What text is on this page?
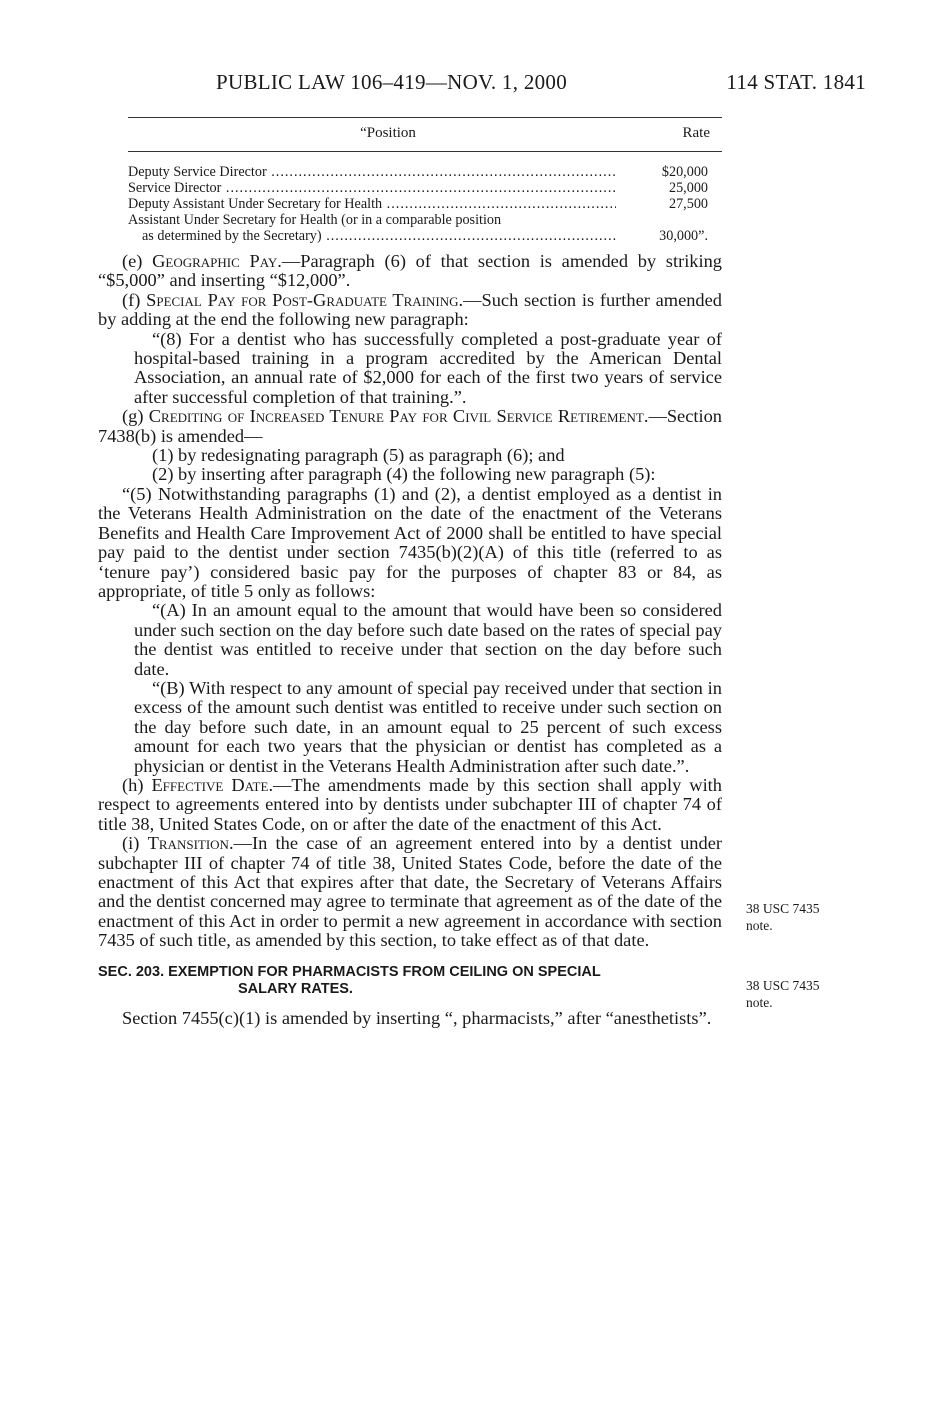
PUBLIC LAW 106–419—NOV. 1, 2000	114 STAT. 1841
“Position	Rate
Deputy Service Director .....	$20,000
Service Director .....	25,000
Deputy Assistant Under Secretary for Health .....	27,500
Assistant Under Secretary for Health (or in a comparable position
as determined by the Secretary) .....	30,000”.

(e) Geographic Pay.—Paragraph (6) of that section is amended by striking “$5,000” and inserting “$12,000”.

(f) Special Pay for Post-Graduate Training.—Such section is further amended by adding at the end the following new paragraph:

“(8) For a dentist who has successfully completed a post-graduate year of hospital-based training in a program accredited by the American Dental Association, an annual rate of $2,000 for each of the first two years of service after successful completion of that training.”.

(g) Crediting of Increased Tenure Pay for Civil Service Retirement.—Section 7438(b) is amended—

(1) by redesignating paragraph (5) as paragraph (6); and

(2) by inserting after paragraph (4) the following new paragraph (5):

“(5) Notwithstanding paragraphs (1) and (2), a dentist employed as a dentist in the Veterans Health Administration on the date of the enactment of the Veterans Benefits and Health Care Improvement Act of 2000 shall be entitled to have special pay paid to the dentist under section 7435(b)(2)(A) of this title (referred to as ‘tenure pay’) considered basic pay for the purposes of chapter 83 or 84, as appropriate, of title 5 only as follows:

“(A) In an amount equal to the amount that would have been so considered under such section on the day before such date based on the rates of special pay the dentist was entitled to receive under that section on the day before such date.

“(B) With respect to any amount of special pay received under that section in excess of the amount such dentist was entitled to receive under such section on the day before such date, in an amount equal to 25 percent of such excess amount for each two years that the physician or dentist has completed as a physician or dentist in the Veterans Health Administration after such date.”.

(h) Effective Date.—The amendments made by this section shall apply with respect to agreements entered into by dentists under subchapter III of chapter 74 of title 38, United States Code, on or after the date of the enactment of this Act.

(i) Transition.—In the case of an agreement entered into by a dentist under subchapter III of chapter 74 of title 38, United States Code, before the date of the enactment of this Act that expires after that date, the Secretary of Veterans Affairs and the dentist concerned may agree to terminate that agreement as of the date of the enactment of this Act in order to permit a new agreement in accordance with section 7435 of such title, as amended by this section, to take effect as of that date.

SEC. 203. EXEMPTION FOR PHARMACISTS FROM CEILING ON SPECIAL
SALARY RATES.

Section 7455(c)(1) is amended by inserting “, pharmacists,” after “anesthetists”.

38 USC 7435
note.
38 USC 7435
note.
